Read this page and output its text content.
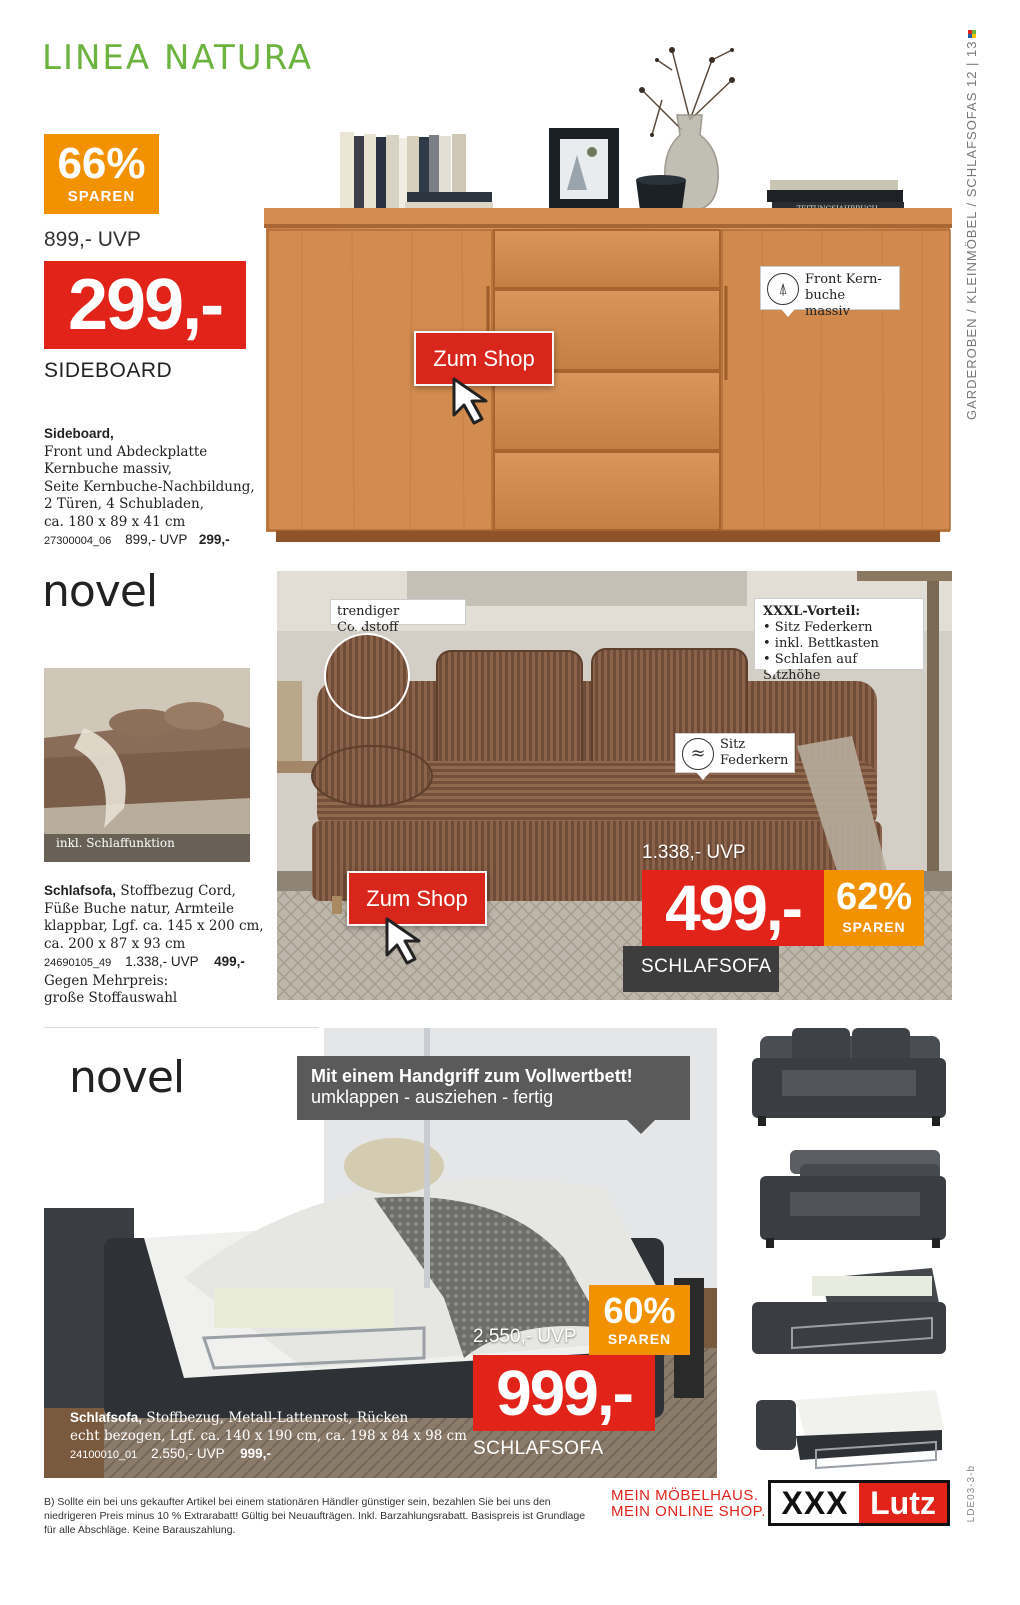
GARDEROBEN / KLEINMÖBEL / SCHLAFSOFAS 12 | 13
LDE03-3-b
LINEA NATURA
66%
SPAREN
899,- UVP
299,-
SIDEBOARD
Sideboard,
Front und Abdeckplatte
Kernbuche massiv,
Seite Kernbuche-Nachbildung,
2 Türen, 4 Schubladen,
ca. 180 x 89 x 41 cm
27300004_06 899,- UVP 299,-
⍋	Front Kern- buche massiv
Zum Shop
novel
inkl. Schlaffunktion
Schlafsofa, Stoffbezug Cord,
Füße Buche natur, Armteile
klappbar, Lgf. ca. 145 x 200 cm,
ca. 200 x 87 x 93 cm
24690105_49 1.338,- UVP 499,-
Gegen Mehrpreis:
große Stoffauswahl
trendiger Cordstoff
XXXL-Vorteil:
• Sitz Federkern
• inkl. Bettkasten
• Schlafen auf Sitzhöhe
≈	Sitz Federkern
1.338,- UVP
499,- 62%
SPAREN
SCHLAFSOFA
Zum Shop
novel	Mit einem Handgriff zum Vollwertbett!
umklappen - ausziehen - fertig
2.550,- UVP
60%
SPAREN
999,-
SCHLAFSOFA
Schlafsofa, Stoffbezug, Metall-Lattenrost, Rücken
echt bezogen, Lgf. ca. 140 x 190 cm, ca. 198 x 84 x 98 cm
24100010_01 2.550,- UVP 999,-
B) Sollte ein bei uns gekaufter Artikel bei einem stationären Händler günstiger sein, bezahlen Sie bei uns den niedrigeren Preis minus 10 % Extrarabatt! Gültig bei Neuaufträgen. Inkl. Barzahlungsrabatt. Basispreis ist Grundlage für alle Abschläge. Keine Barauszahlung.
MEIN MÖBELHAUS.
MEIN ONLINE SHOP. XXX Lutz
